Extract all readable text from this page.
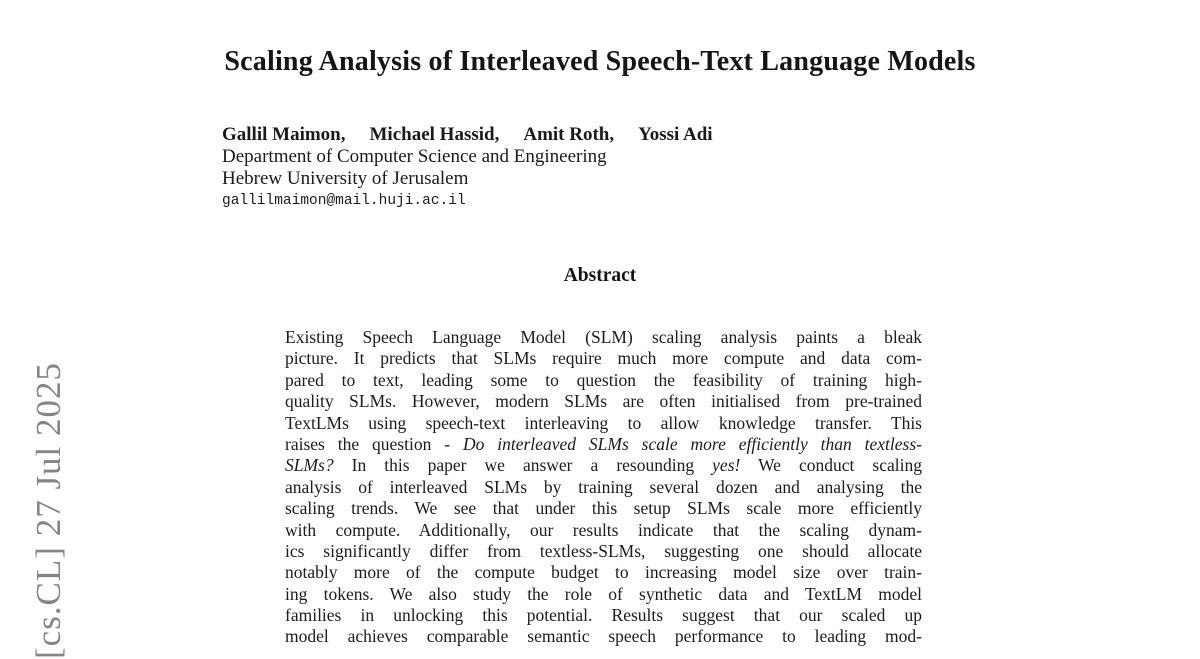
[cs.CL] 27 Jul 2025
Scaling Analysis of Interleaved Speech-Text Language Models
Gallil Maimon, Michael Hassid, Amit Roth, Yossi Adi
Department of Computer Science and Engineering
Hebrew University of Jerusalem
gallilmaimon@mail.huji.ac.il
Abstract
Existing Speech Language Model (SLM) scaling analysis paints a bleak
picture. It predicts that SLMs require much more compute and data com-
pared to text, leading some to question the feasibility of training high-
quality SLMs. However, modern SLMs are often initialised from pre-trained
TextLMs using speech-text interleaving to allow knowledge transfer. This
raises the question - Do interleaved SLMs scale more efficiently than textless-
SLMs? In this paper we answer a resounding yes! We conduct scaling
analysis of interleaved SLMs by training several dozen and analysing the
scaling trends. We see that under this setup SLMs scale more efficiently
with compute. Additionally, our results indicate that the scaling dynam-
ics significantly differ from textless-SLMs, suggesting one should allocate
notably more of the compute budget to increasing model size over train-
ing tokens. We also study the role of synthetic data and TextLM model
families in unlocking this potential. Results suggest that our scaled up
model achieves comparable semantic speech performance to leading mod-
